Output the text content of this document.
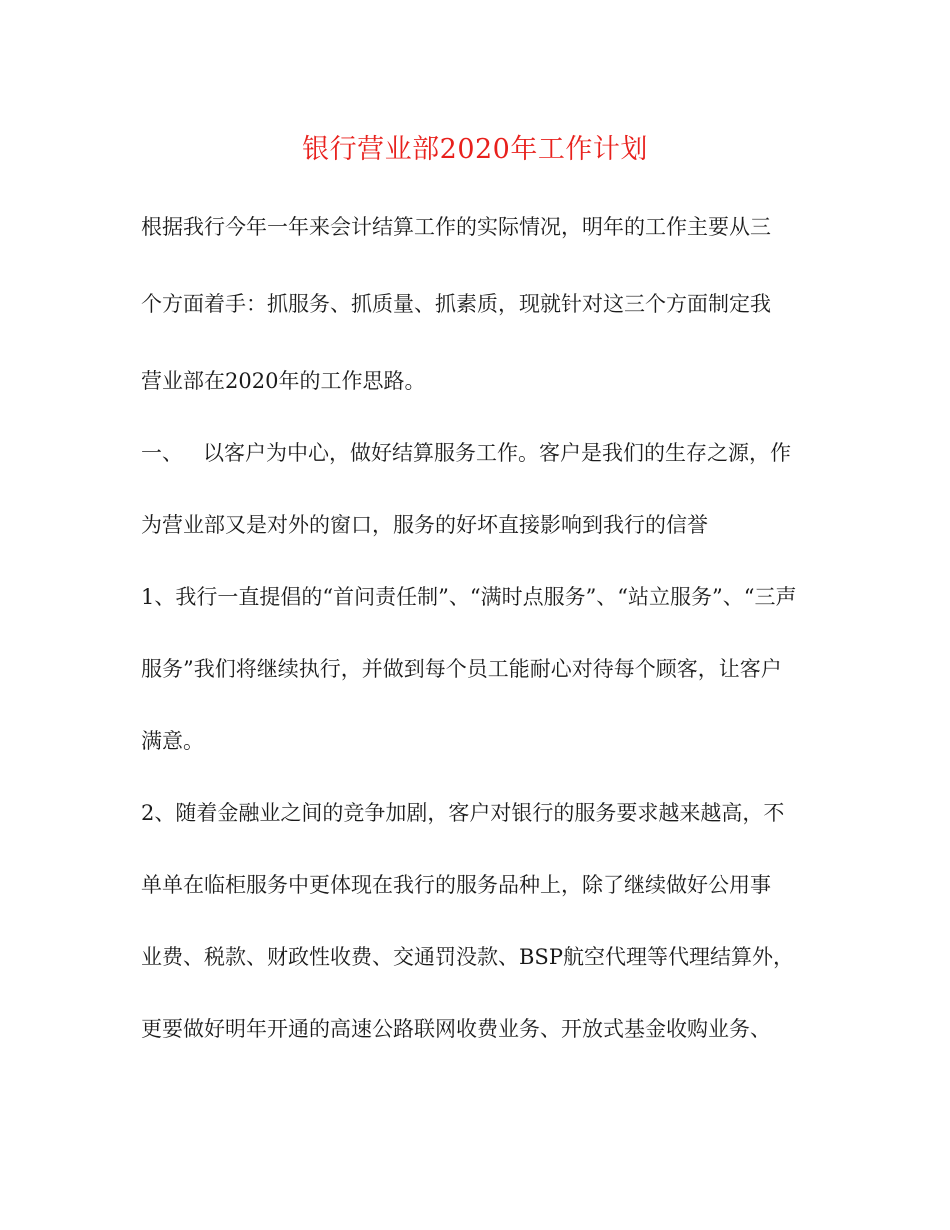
银行营业部2020年工作计划
根据我行今年一年来会计结算工作的实际情况，明年的工作主要从三
个方面着手：抓服务、抓质量、抓素质，现就针对这三个方面制定我
营业部在2020年的工作思路。
一、   以客户为中心，做好结算服务工作。客户是我们的生存之源，作
为营业部又是对外的窗口，服务的好坏直接影响到我行的信誉
1、我行一直提倡的“首问责任制”、“满时点服务”、“站立服务”、“三声
服务”我们将继续执行，并做到每个员工能耐心对待每个顾客，让客户
满意。
2、随着金融业之间的竞争加剧，客户对银行的服务要求越来越高，不
单单在临柜服务中更体现在我行的服务品种上，除了继续做好公用事
业费、税款、财政性收费、交通罚没款、BSP航空代理等代理结算外，
更要做好明年开通的高速公路联网收费业务、开放式基金收购业务、
